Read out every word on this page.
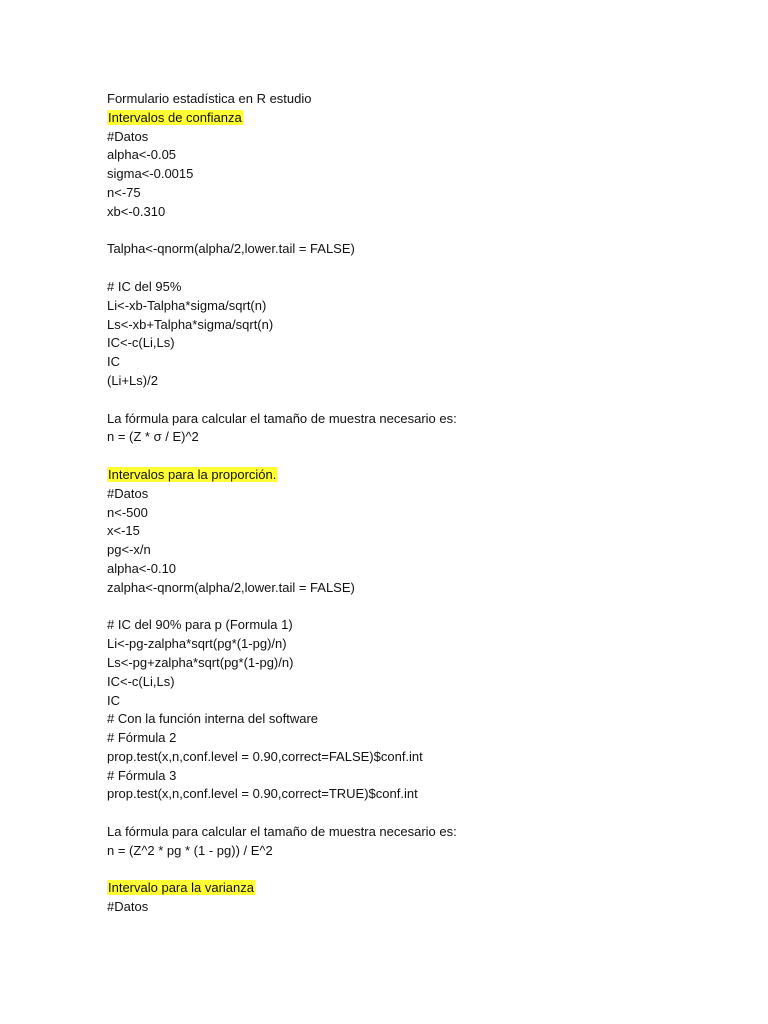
Formulario estadística en R estudio
Intervalos de confianza
#Datos
alpha<-0.05
sigma<-0.0015
n<-75
xb<-0.310
Talpha<-qnorm(alpha/2,lower.tail = FALSE)
# IC del 95%
Li<-xb-Talpha*sigma/sqrt(n)
Ls<-xb+Talpha*sigma/sqrt(n)
IC<-c(Li,Ls)
IC
(Li+Ls)/2
La fórmula para calcular el tamaño de muestra necesario es:
n = (Z * σ / E)^2
Intervalos para la proporción.
#Datos
n<-500
x<-15
pg<-x/n
alpha<-0.10
zalpha<-qnorm(alpha/2,lower.tail = FALSE)
# IC del 90% para p (Formula 1)
Li<-pg-zalpha*sqrt(pg*(1-pg)/n)
Ls<-pg+zalpha*sqrt(pg*(1-pg)/n)
IC<-c(Li,Ls)
IC
# Con la función interna del software
# Fórmula 2
prop.test(x,n,conf.level = 0.90,correct=FALSE)$conf.int
# Fórmula 3
prop.test(x,n,conf.level = 0.90,correct=TRUE)$conf.int
La fórmula para calcular el tamaño de muestra necesario es:
n = (Z^2 * pg * (1 - pg)) / E^2
Intervalo para la varianza
#Datos
